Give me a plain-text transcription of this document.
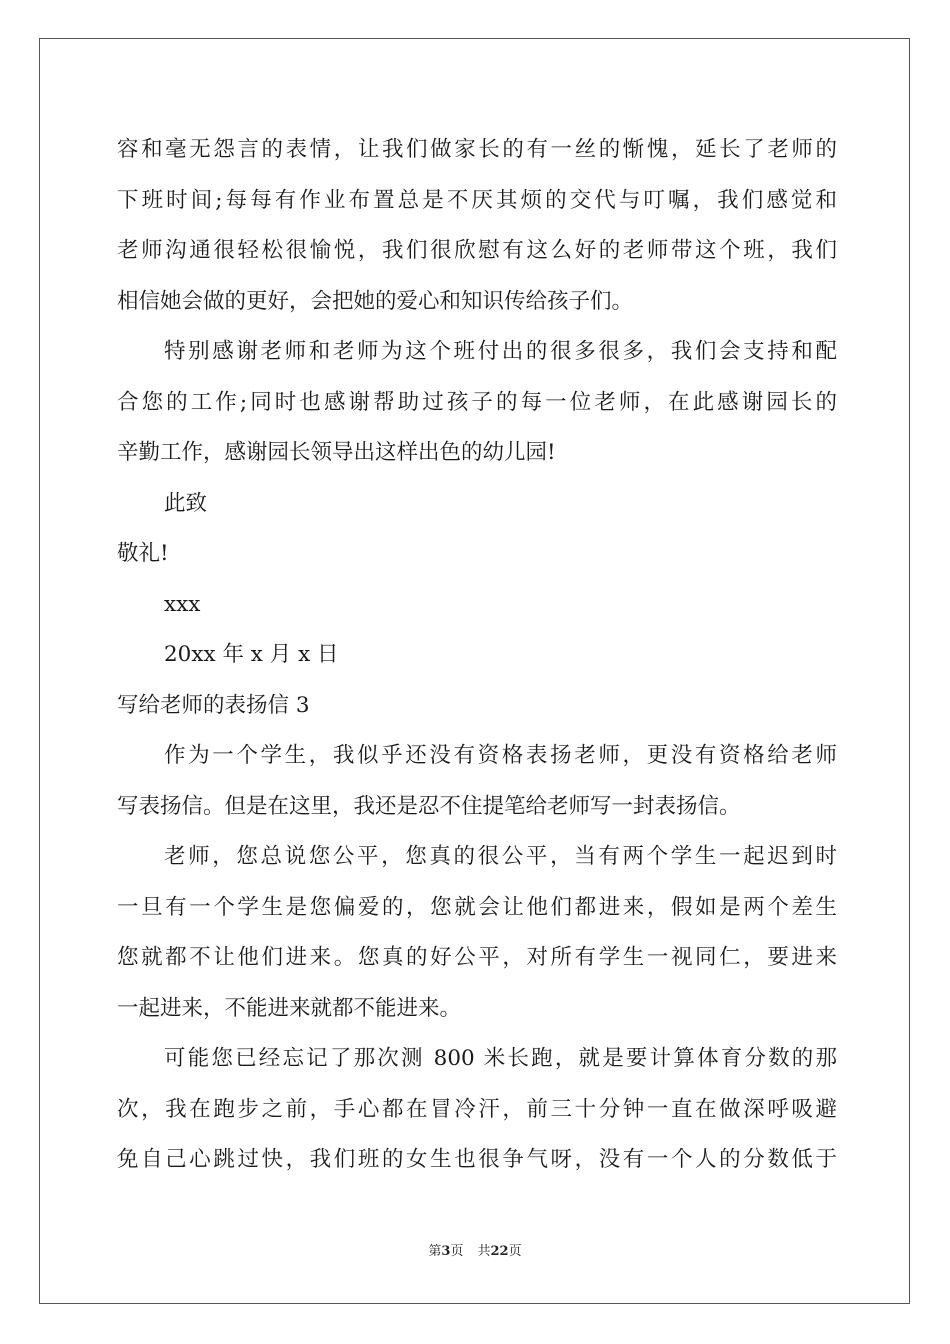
容和毫无怨言的表情，让我们做家长的有一丝的惭愧，延长了老师的
下班时间;每每有作业布置总是不厌其烦的交代与叮嘱，我们感觉和
老师沟通很轻松很愉悦，我们很欣慰有这么好的老师带这个班，我们
相信她会做的更好，会把她的爱心和知识传给孩子们。
特别感谢老师和老师为这个班付出的很多很多，我们会支持和配
合您的工作;同时也感谢帮助过孩子的每一位老师，在此感谢园长的
辛勤工作，感谢园长领导出这样出色的幼儿园!
此致
敬礼!
xxx
20xx 年 x 月 x 日
写给老师的表扬信 3
作为一个学生，我似乎还没有资格表扬老师，更没有资格给老师
写表扬信。但是在这里，我还是忍不住提笔给老师写一封表扬信。
老师，您总说您公平，您真的很公平，当有两个学生一起迟到时
一旦有一个学生是您偏爱的，您就会让他们都进来，假如是两个差生
您就都不让他们进来。您真的好公平，对所有学生一视同仁，要进来
一起进来，不能进来就都不能进来。
可能您已经忘记了那次测 800 米长跑，就是要计算体育分数的那
次，我在跑步之前，手心都在冒冷汗，前三十分钟一直在做深呼吸避
免自己心跳过快，我们班的女生也很争气呀，没有一个人的分数低于
第3页 共22页
